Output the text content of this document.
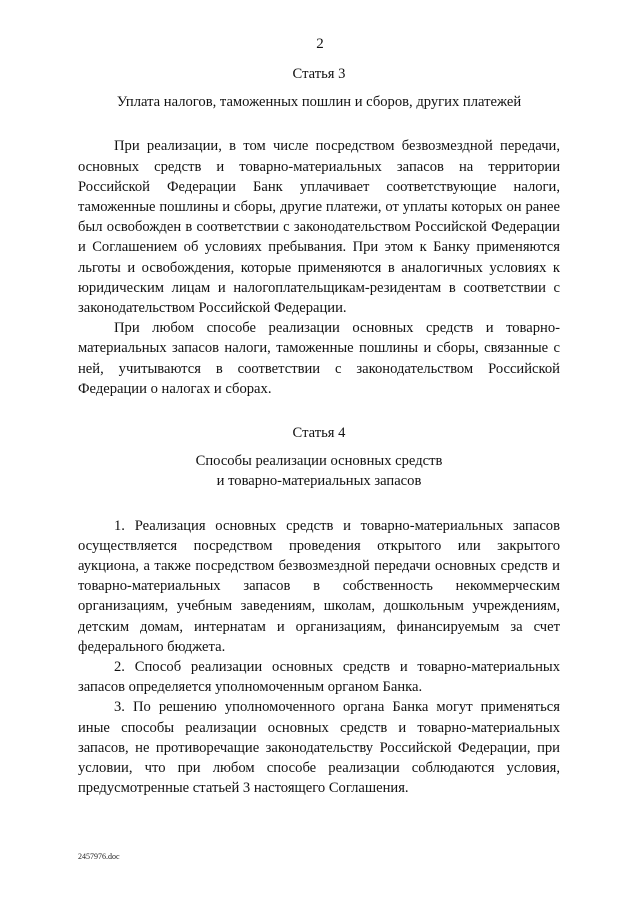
2

Статья 3

Уплата налогов, таможенных пошлин и сборов, других платежей

При реализации, в том числе посредством безвозмездной передачи, основных средств и товарно-материальных запасов на территории Российской Федерации Банк уплачивает соответствующие налоги, таможенные пошлины и сборы, другие платежи, от уплаты которых он ранее был освобожден в соответствии с законодательством Российской Федерации и Соглашением об условиях пребывания. При этом к Банку применяются льготы и освобождения, которые применяются в аналогичных условиях к юридическим лицам и налогоплательщикам-резидентам в соответствии с законодательством Российской Федерации.

При любом способе реализации основных средств и товарно-материальных запасов налоги, таможенные пошлины и сборы, связанные с ней, учитываются в соответствии с законодательством Российской Федерации о налогах и сборах.

Статья 4

Способы реализации основных средств

и товарно-материальных запасов

1. Реализация основных средств и товарно-материальных запасов осуществляется посредством проведения открытого или закрытого аукциона, а также посредством безвозмездной передачи основных средств и товарно-материальных запасов в собственность некоммерческим организациям, учебным заведениям, школам, дошкольным учреждениям, детским домам, интернатам и организациям, финансируемым за счет федерального бюджета.

2. Способ реализации основных средств и товарно-материальных запасов определяется уполномоченным органом Банка.

3. По решению уполномоченного органа Банка могут применяться иные способы реализации основных средств и товарно-материальных запасов, не противоречащие законодательству Российской Федерации, при условии, что при любом способе реализации соблюдаются условия, предусмотренные статьей 3 настоящего Соглашения.

2457976.doc
